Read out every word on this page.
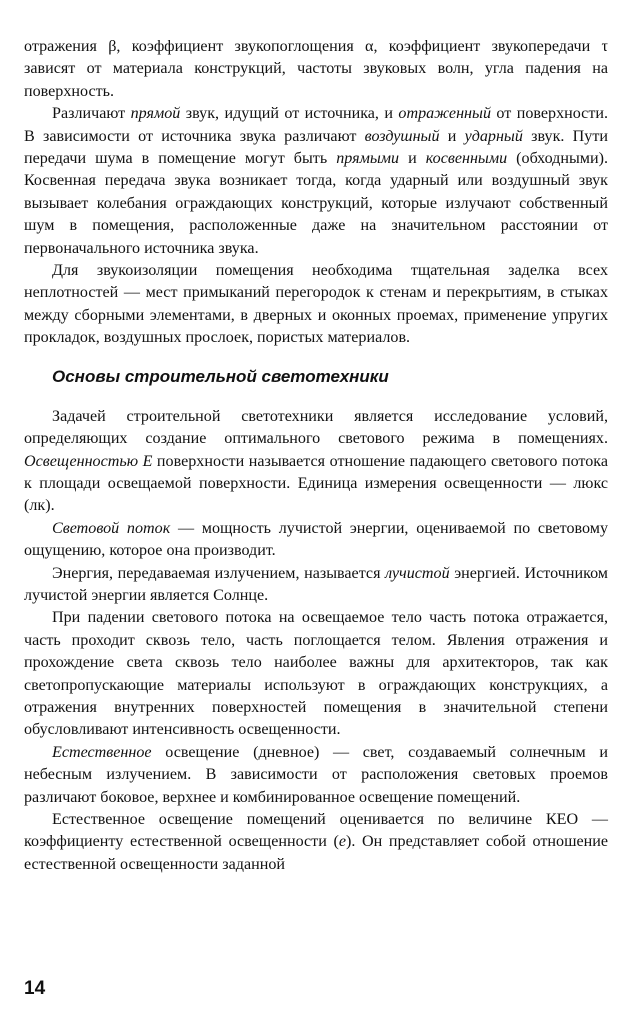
отражения β, коэффициент звукопоглощения α, коэффициент звукопередачи τ зависят от материала конструкций, частоты звуковых волн, угла падения на поверхность.

Различают прямой звук, идущий от источника, и отраженный от поверхности. В зависимости от источника звука различают воздушный и ударный звук. Пути передачи шума в помещение могут быть прямыми и косвенными (обходными). Косвенная передача звука возникает тогда, когда ударный или воздушный звук вызывает колебания ограждающих конструкций, которые излучают собственный шум в помещения, расположенные даже на значительном расстоянии от первоначального источника звука.

Для звукоизоляции помещения необходима тщательная заделка всех неплотностей — мест примыканий перегородок к стенам и перекрытиям, в стыках между сборными элементами, в дверных и оконных проемах, применение упругих прокладок, воздушных прослоек, пористых материалов.

Основы строительной светотехники

Задачей строительной светотехники является исследование условий, определяющих создание оптимального светового режима в помещениях. Освещенностью Е поверхности называется отношение падающего светового потока к площади освещаемой поверхности. Единица измерения освещенности — люкс (лк).

Световой поток — мощность лучистой энергии, оцениваемой по световому ощущению, которое она производит.

Энергия, передаваемая излучением, называется лучистой энергией. Источником лучистой энергии является Солнце.

При падении светового потока на освещаемое тело часть потока отражается, часть проходит сквозь тело, часть поглощается телом. Явления отражения и прохождение света сквозь тело наиболее важны для архитекторов, так как светопропускающие материалы используют в ограждающих конструкциях, а отражения внутренних поверхностей помещения в значительной степени обусловливают интенсивность освещенности.

Естественное освещение (дневное) — свет, создаваемый солнечным и небесным излучением. В зависимости от расположения световых проемов различают боковое, верхнее и комбинированное освещение помещений.

Естественное освещение помещений оценивается по величине КЕО — коэффициенту естественной освещенности (е). Он представляет собой отношение естественной освещенности заданной

14
